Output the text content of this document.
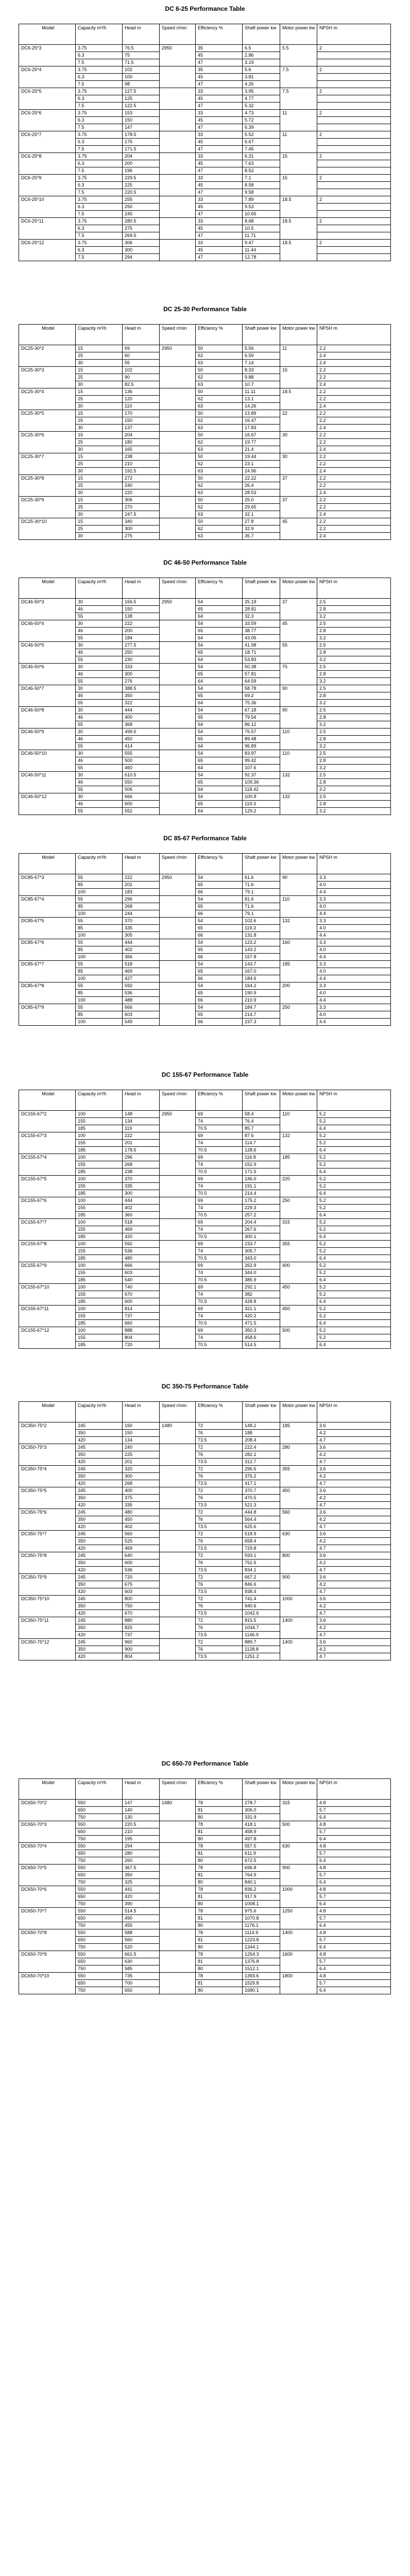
DC 6-25 Performance Table
Model	Capacity m³/h	Head m	Speed r/min	Efficiency %	Shaft power kw	Motor power kw	NPSH m
DC6-25*3	3.75	76.5	2950	35	6.5	5.5	2
	6.3	75		45	2.86		
	7.5	71.5		47	3.19		
DC6-25*4	3.75	102		35	5.6	7.5	2
	6.3	100		45	3.81		
	7.5	98		47	4.26		
DC6-25*5	3.75	127.5		33	3.95	7.5	2
	6.3	125		45	4.77		
	7.5	122.5		47	5.32		
DC6-25*6	3.75	153		33	4.73	11	2
	6.3	150		45	5.72		
	7.5	147		47	6.39		
DC6-25*7	3.75	178.5		33	5.52	11	2
	6.3	175		45	6.67		
	7.5	171.5		47	7.45		
DC6-25*8	3.75	204		33	6.31	15	2
	6.3	200		45	7.63		
	7.5	196		47	8.52		
DC6-25*9	3.75	229.5		33	7.1	15	2
	6.3	225		45	8.58		
	7.5	220.5		47	9.58		
DC6-25*10	3.75	255		33	7.89	18.5	2
	6.3	250		45	9.53		
	7.5	245		47	10.65		
DC6-25*11	3.75	280.5		33	8.68	18.5	2
	6.3	275		45	10.5		
	7.5	269.5		47	11.71		
DC6-25*12	3.75	306		33	9.47	18.5	2
	6.3	300		45	11.44		
	7.5	294		47	12.78		
DC 25-30 Performance Table
Model	Capacity m³/h	Head m	Speed r/min	Efficiency %	Shaft power kw	Motor power kw	NPSH m
DC25-30*2	15	69	2950	50	5.56	11	2.2
	25	60		62	6.59		2.4
	30	55		63	7.14		2.4
DC25-30*3	15	102		50	8.33	15	2.2
	25	90		62	9.88		2.2
	30	82.5		63	10.7		2.4
DC25-30*4	15	136		50	11.11	18.5	2.2
	25	120		62	13.1		2.2
	30	110		63	14.26		2.4
DC25-30*5	15	170		50	13.89	22	2.2
	25	150		62	16.47		2.2
	30	137		63	17.83		2.4
DC25-30*6	15	204		50	16.67	30	2.2
	25	180		62	19.77		2.2
	30	165		63	21.4		2.4
DC25-30*7	15	238		50	19.44	30	2.2
	25	210		62	23.1		2.2
	30	192.5		63	24.96		2.4
DC25-30*8	15	272		50	22.22	37	2.2
	25	240		62	26.4		2.2
	30	220		63	28.53		2.4
DC25-30*9	15	306		50	25.0	37	2.2
	25	270		62	29.65		2.2
	30	247.5		63	32.1		2.4
DC25-30*10	15	340		50	27.8	45	2.2
	25	300		62	32.9		2.2
	30	275		63	35.7		2.4
DC 46-50 Performance Table
Model	Capacity m³/h	Head m	Speed r/min	Efficiency %	Shaft power kw	Motor power kw	NPSH m
DC46-50*3	30	166.5	2950	54	25.19	37	2.5
	46	150		65	28.81		2.8
	55	138		64	32.3		3.2
DC46-50*4	30	222		54	33.59	45	2.5
	46	200		65	38.77		2.8
	55	184		64	43.06		3.2
DC46-50*5	30	277.5		54	41.98	55	2.5
	46	250		65	18.71		2.8
	55	230		64	53.83		3.2
DC46-50*6	30	333		54	50.38	75	2.5
	46	300		65	57.81		2.8
	55	276		64	64.59		3.2
DC46-50*7	30	388.5		54	58.78	90	2.5
	46	350		65	69.2		2.8
	55	322		64	75.36		3.2
DC46-50*8	30	444		54	67.18	90	2.5
	46	400		65	79.54		2.8
	55	368		64	86.12		3.2
DC46-50*9	30	499.5		54	75.57	110	2.5
	46	450		65	89.48		2.8
	55	414		64	96.89		3.2
DC46-50*10	30	555		54	83.97	110	2.5
	46	500		65	99.42		2.8
	55	460		64	107.6		3.2
DC46-50*11	30	610.5		54	92.37	132	2.5
	46	550		65	109.36		2.8
	55	506		64	118.42		3.2
DC46-50*12	30	666		54	100.8	132	2.5
	46	600		65	119.3		2.8
	55	552		64	129.2		3.2
DC 85-67 Performance Table
Model	Capacity m³/h	Head m	Speed r/min	Efficiency %	Shaft power kw	Motor power kw	NPSH m
DC85-67*3	55	222	2950	54	61.6	90	3.3
	85	201		65	71.6		4.0
	100	183		66	79.1		4.4
DC85-67*4	55	296		54	81.6	110	3.3
	85	268		65	71.6		4.0
	100	244		66	79.1		4.4
DC85-67*5	55	370		54	102.6	132	3.3
	85	335		65	119.3		4.0
	100	305		66	131.8		4.4
DC85-67*6	55	444		54	123.2	160	3.3
	85	402		65	143.2		4.0
	100	366		66	157.8		4.4
DC85-67*7	55	518		54	143.7	185	3.3
	85	469		65	167.0		4.0
	100	427		66	184.6		4.4
DC85-67*8	55	592		54	164.2	200	3.3
	85	536		65	190.9		4.0
	100	488		66	210.9		4.4
DC85-67*9	55	666		54	184.7	250	3.3
	85	603		65	214.7		4.0
	100	549		66	237.3		4.4
DC 155-67 Performance Table
Model	Capacity m³/h	Head m	Speed r/min	Efficiency %	Shaft power kw	Motor power kw	NPSH m
DC155-67*2	100	148	2950	69	58.4	110	5.2
	155	134		74	76.4		5.2
	185	119		70.5	85.7		6.4
DC155-67*3	100	222		69	87.6	132	5.2
	155	201		74	114.7		5.2
	185	178.5		70.5	128.6		6.4
DC155-67*4	100	296		69	116.8	185	5.2
	155	268		74	152.9		5.2
	185	238		70.5	171.5		6.4
DC155-67*5	100	370		69	146.0	220	5.2
	155	335		74	191.1		5.2
	185	300		70.5	214.4		6.4
DC155-67*6	100	444		69	175.2	250	5.2
	155	402		74	229.3		5.2
	185	360		70.5	257.2		6.4
DC155-67*7	100	518		69	204.4	315	5.2
	155	469		74	267.6		5.2
	185	420		70.5	300.1		6.4
DC155-67*8	100	592		69	233.7	355	5.2
	155	536		74	305.7		5.2
	185	480		70.5	343.0		6.4
DC155-67*9	100	666		69	262.9	400	5.2
	155	603		74	344.0		5.2
	185	540		70.5	385.9		6.4
DC155-67*10	100	740		69	292.1	450	5.2
	155	670		74	382		5.2
	185	600		70.5	428.8		6.4
DC155-67*11	100	814		69	321.1	450	5.2
	155	737		74	420.2		5.2
	185	660		70.5	471.5		6.4
DC155-67*12	100	888		69	350.3	500	5.2
	155	804		74	458.6		5.2
	185	720		70.5	514.5		6.4
DC 350-75 Performance Table
Model	Capacity m³/h	Head m	Speed r/min	Efficiency %	Shaft power kw	Motor power kw	NPSH m
DC350-75*2	245	160	1480	72	148.2	185	3.6
	350	150		76	188		4.2
	420	134		73.5	208.4		4.7
DC350-75*3	245	240		72	222.4	280	3.6
	350	225		76	282.1		4.2
	420	201		73.5	312.7		4.7
DC350-75*4	245	320		72	296.5	355	3.6
	350	300		76	376.2		4.2
	420	268		73.5	417.1		4.7
DC350-75*5	245	400		72	370.7	450	3.6
	350	375		76	470.5		4.2
	420	335		73.5	521.3		4.7
DC350-75*6	245	480		72	444.8	560	3.6
	350	450		76	564.4		4.2
	420	402		73.5	625.6		4.7
DC350-75*7	245	560		72	518.9	630	3.6
	350	525		76	658.4		4.2
	420	469		73.5	729.8		4.7
DC350-75*8	245	640		72	593.1	800	3.6
	350	600		76	752.5		4.2
	420	536		73.5	834.1		4.7
DC350-75*9	245	720		72	667.2	900	3.6
	350	675		76	846.6		4.2
	420	603		73.5	938.4		4.7
DC350-75*10	245	800		72	741.4	1000	3.6
	350	750		76	940.6		4.2
	420	670		73.5	1042.6		4.7
DC350-75*11	245	880		72	815.5	1400	3.6
	350	825		76	1034.7		4.2
	420	737		73.5	1146.9		4.7
DC350-75*12	245	960		72	889.7	1400	3.6
	350	900		76	1128.8		4.2
	420	804		73.5	1251.2		4.7
DC 650-70 Performance Table
Model	Capacity m³/h	Head m	Speed r/min	Efficiency %	Shaft power kw	Motor power kw	NPSH m
DC650-70*2	550	147	1480	78	278.7	315	4.8
	650	140		81	306.0		5.7
	750	130		80	331.9		6.4
DC650-70*3	550	220.5		78	418.1	500	4.8
	650	210		81	458.9		5.7
	750	195		80	497.8		6.4
DC650-70*4	550	294		78	557.5	630	4.8
	650	280		81	611.9		5.7
	750	260		80	672.5		6.4
DC650-70*5	550	367.5		78	696.8	900	4.8
	650	350		81	764.9		5.7
	750	325		80	840.1		6.4
DC650-70*6	550	441		78	836.2	1000	4.8
	650	420		81	917.9		5.7
	750	390		80	1008.1		6.4
DC650-70*7	550	514.5		78	975.6	1250	4.8
	650	490		81	1070.8		5.7
	750	455		80	1176.1		6.4
DC650-70*8	550	588		78	1114.9	1400	4.8
	650	560		81	1223.8		5.7
	750	520		80	1344.1		6.4
DC650-70*9	550	661.5		78	1254.3	1600	4.8
	650	630		81	1376.8		5.7
	750	585		80	1512.1		6.4
DC650-70*10	550	735		78	1393.6	1800	4.8
	650	700		81	1529.8		5.7
	750	650		80	1680.1		6.4
